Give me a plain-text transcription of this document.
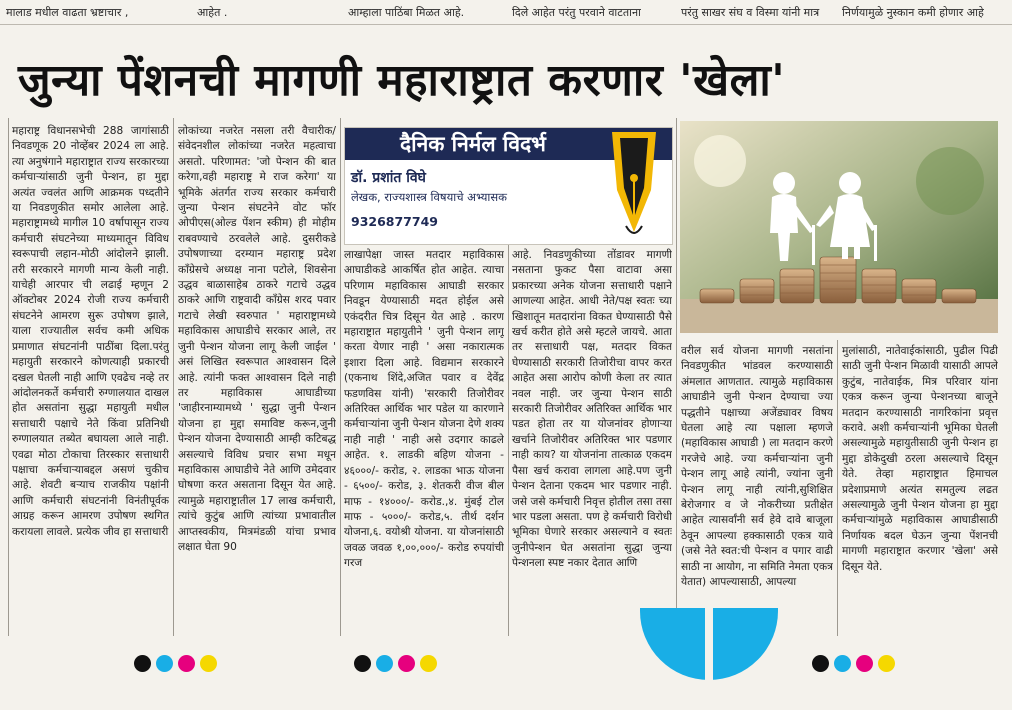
मालाड मधील वाढता भ्रष्टाचार ,	आहेत .	आम्हाला पाठिंबा मिळत आहे.	दिले आहेत परंतु परवाने वाटताना	परंतु साखर संघ व विस्मा यांनी मात्र निर्णयामुळे नुस्कान कमी होणार आहे
जुन्या पेंशनची मागणी महाराष्ट्रात करणार 'खेला'

महाराष्ट्र विधानसभेची 288 जागांसाठी निवडणूक 20 नोव्हेंबर 2024 ला आहे. त्या अनुषंगाने महाराष्ट्रात राज्य सरकारच्या कर्मचाऱ्यांसाठी जुनी पेन्शन, हा मुद्दा अत्यंत ज्वलंत आणि आक्रमक पध्दतीने या निवडणुकीत समोर आलेला आहे. महाराष्ट्रामध्ये मागील 10 वर्षापासून राज्य कर्मचारी संघटनेच्या माध्यमातून विविध स्वरूपाची लहान-मोठी आंदोलने झाली. तरी सरकारने मागणी मान्य केली नाही. याचेही आरपार ची लढाई म्हणून 2 ऑक्टोबर 2024 रोजी राज्य कर्मचारी संघटनेने आमरण सुरू उपोषण झाले, याला राज्यातील सर्वच कमी अधिक प्रमाणात संघटनांनी पाठींबा दिला.परंतु महायुती सरकारने कोणत्याही प्रकारची दखल घेतली नाही आणि एवढेच नव्हे तर आंदोलनकर्ते कर्मचारी रुग्णालयात दाखल होत असतांना सुद्धा महायुती मधील सत्ताधारी पक्षाचे नेते किंवा प्रतिनिधी रुग्णालयात तब्येत बघायला आले नाही. एवढा मोठा टोकाचा तिरस्कार सत्ताधारी पक्षाचा कर्मचाऱ्याबद्दल असणं चुकीच आहे. शेवटी बऱ्याच राजकीय पक्षांनी आणि कर्मचारी संघटनांनी विनंतीपूर्वक आग्रह करून आमरण उपोषण स्थगित करायला लावले. प्रत्येक जीव हा सत्ताधारी

लोकांच्या नजरेत नसला तरी वैचारीक/संवेदनशील लोकांच्या नजरेत महत्वाचा असतो. परिणामत: 'जो पेन्शन की बात करेगा,वही महाराष्ट्र मे राज करेगा' या भूमिके अंतर्गत राज्य सरकार कर्मचारी जुन्या पेन्शन संघटनेने वोट फॉर ओपीएस(ओल्ड पेंशन स्कीम) ही मोहीम राबवण्याचे ठरवलेले आहे. दुसरीकडे उपोषणाच्या दरम्यान महाराष्ट्र प्रदेश काँग्रेसचे अध्यक्ष नाना पटोले, शिवसेना उद्धव बाळासाहेब ठाकरे गटाचे उद्धव ठाकरे आणि राष्ट्रवादी कॉंग्रेस शरद पवार गटाचे लेखी स्वरुपात ' महाराष्ट्रामध्ये महाविकास आघाडीचे सरकार आले, तर जुनी पेन्शन योजना लागू केली जाईल ' असं लिखित स्वरूपात आश्वासन दिले आहे. त्यांनी फक्त आश्वासन दिले नाही तर महाविकास आघाडीच्या 'जाहीरनाम्यामध्ये ' सुद्धा जुनी पेन्शन योजना हा मुद्दा समाविष्ट करून,जुनी पेन्शन योजना देण्यासाठी आम्ही कटिबद्ध असल्याचे विविध प्रचार सभा मधून महाविकास आघाडीचे नेते आणि उमेदवार घोषणा करत असताना दिसून येत आहे. त्यामुळे महाराष्ट्रातील 17 लाख कर्मचारी, त्यांचे कुटुंब आणि त्यांच्या प्रभावातील आप्तस्वकीय, मित्रमंडळी यांचा प्रभाव लक्षात घेता 90

दैनिक निर्मल विदर्भ
डॉ. प्रशांत विघे
लेखक, राज्यशास्त्र विषयाचे अभ्यासक
9326877749

लाखापेक्षा जास्त मतदार महाविकास आघाडीकडे आकर्षित होत आहेत. त्याचा परिणाम महाविकास आघाडी सरकार निवडून येण्यासाठी मदत होईल असे एकंदरीत चित्र दिसून येत आहे . कारण महाराष्ट्रात महायुतीने ' जुनी पेन्शन लागू करता येणार नाही ' असा नकारात्मक इशारा दिला आहे. विद्यमान सरकारने (एकनाथ शिंदे,अजित पवार व देवेंद्र फडणविस यांनी) 'सरकारी तिजोरीवर अतिरिक्त आर्थिक भार पडेल या कारणाने कर्मचाऱ्यांना जुनी पेन्शन योजना देणे शक्य नाही नाही ' नाही असे उदगार काढले आहेत. १. लाडकी बहिण योजना - ४६०००/- करोड, २. लाडका भाऊ योजना - ६५००/- करोड, ३. शेतकरी वीज बील माफ - १४०००/- करोड.,४. मुंबई टोल माफ - ५०००/- करोड,५. तीर्थ दर्शन योजना,६. वयोश्री योजना. या योजनांसाठी जवळ जवळ १,००,०००/- करोड रुपयांची गरज

आहे. निवडणुकीच्या तोंडावर मागणी नसताना फुकट पैसा वाटावा असा प्रकारच्या अनेक योजना सत्ताधारी पक्षाने आणल्या आहेत. आधी नेते/पक्ष स्वतः च्या खिशातून मतदारांना विकत घेण्यासाठी पैसे खर्च करीत होते असे म्हटले जायचे. आता तर सत्ताधारी पक्ष, मतदार विकत घेण्यासाठी सरकारी तिजोरीचा वापर करत आहेत असा आरोप कोणी केला तर त्यात नवल नाही. जर जुन्या पेन्शन साठी सरकारी तिजोरीवर अतिरिक्त आर्थिक भार पडत होता तर या योजनांवर होणाऱ्या खर्चाने तिजोरीवर अतिरिक्त भार पडणार नाही काय? या योजनांना तात्काळ एकदम पैसा खर्च करावा लागला आहे.पण जुनी पेन्शन देताना एकदम भार पडणार नाही. जसे जसे कर्मचारी निवृत्त होतील तसा तसा भार पडला असता. पण हे कर्मचारी विरोधी भूमिका घेणारे सरकार असल्याने व स्वतः जुनीपेन्शन घेत असतांना सुद्धा जुन्या पेन्शनला स्पष्ट नकार देतात आणि

वरील सर्व योजना मागणी नसतांना निवडणुकीत भांडवल करण्यासाठी अंमलात आणतात. त्यामुळे महाविकास आघाडीने जुनी पेन्शन देण्याचा ज्या पद्धतीने पक्षाच्या अजेंड्यावर विषय घेतला आहे त्या पक्षाला म्हणजे (महाविकास आघाडी ) ला मतदान करणे गरजेचे आहे. ज्या कर्मचाऱ्यांना जुनी पेन्शन लागू आहे त्यांनी, ज्यांना जुनी पेन्शन लागू नाही त्यांनी,सुशिक्षित बेरोजगार व जे नोकरीच्या प्रतीक्षेत आहेत त्यासर्वांनी सर्व हेवे दावे बाजूला ठेवून आपल्या हक्कासाठी एकत्र यावे (जसे नेते स्वत:ची पेन्शन व पगार वाढी साठी ना आयोग, ना समिति नेमता एकत्र येतात) आपल्यासाठी, आपल्या

मुलांसाठी, नातेवाईकांसाठी, पुढील पिढी साठी जुनी पेन्शन मिळावी यासाठी आपले कुटुंब, नातेवाईक, मित्र परिवार यांना एकत्र करून जुन्या पेन्शनच्या बाजूने मतदान करण्यासाठी नागरिकांना प्रवृत्त करावे. अशी कर्मचाऱ्यांनी भूमिका घेतली असल्यामुळे महायुतीसाठी जुनी पेन्शन हा मुद्दा डोकेदुखी ठरला असल्याचे दिसून येते. तेव्हा महाराष्ट्रात हिमाचल प्रदेशाप्रमाणे अत्यंत समतुल्य लढत असल्यामुळे जुनी पेन्शन योजना हा मुद्दा कर्मचाऱ्यांमुळे महाविकास आघाडीसाठी निर्णायक बदल घेऊन जुन्या पेंशनची मागणी महाराष्ट्रात करणार 'खेला' असे दिसून येते.
